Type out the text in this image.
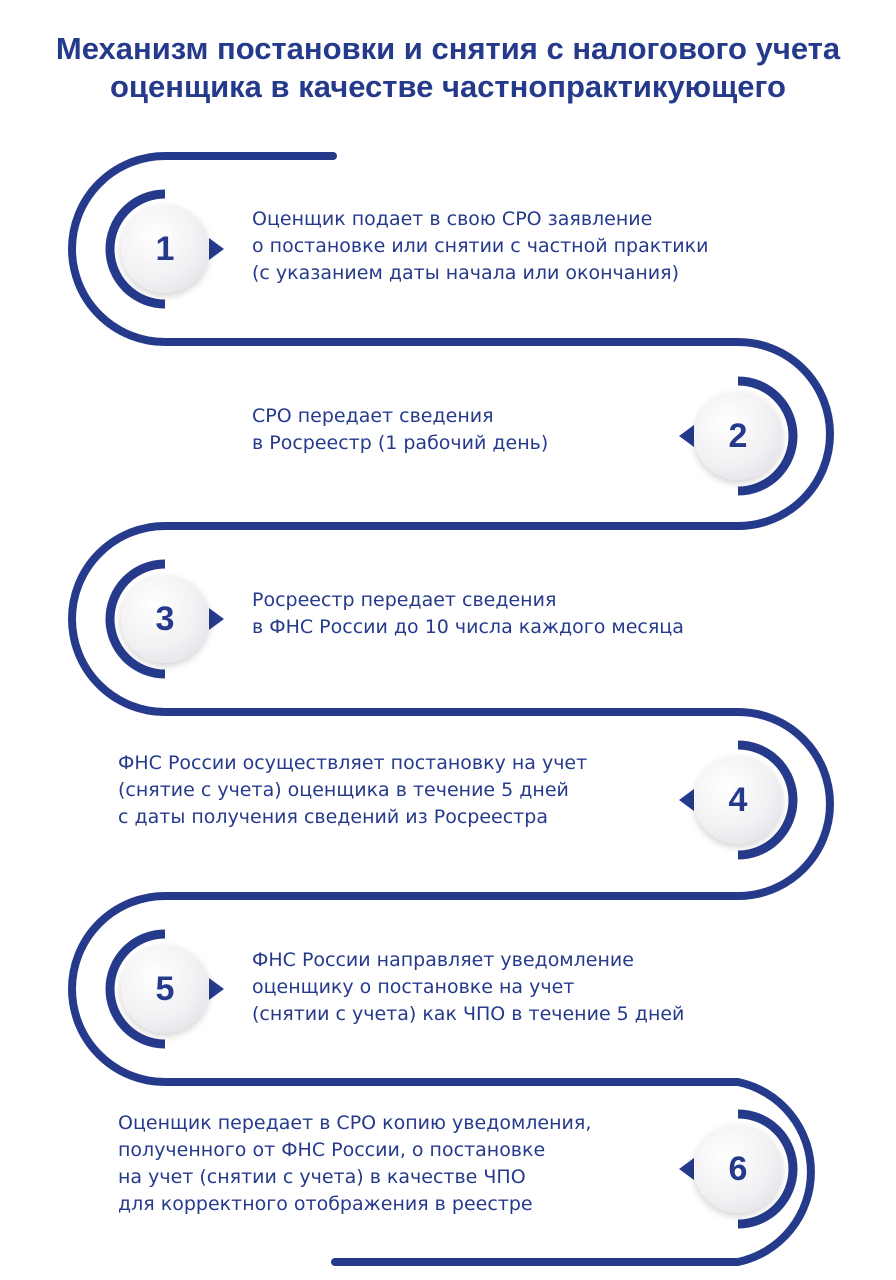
Механизм постановки и снятия с налогового учета
оценщика в качестве частнопрактикующего
1
2
3
4
5
6
Оценщик подает в свою СРО заявление
о постановке или снятии с частной практики
(с указанием даты начала или окончания)
СРО передает сведения
в Росреестр (1 рабочий день)
Росреестр передает сведения
в ФНС России до 10 числа каждого месяца
ФНС России осуществляет постановку на учет
(снятие с учета) оценщика в течение 5 дней
с даты получения сведений из Росреестра
ФНС России направляет уведомление
оценщику о постановке на учет
(снятии с учета) как ЧПО в течение 5 дней
Оценщик передает в СРО копию уведомления,
полученного от ФНС России, о постановке
на учет (снятии с учета) в качестве ЧПО
для корректного отображения в реестре
